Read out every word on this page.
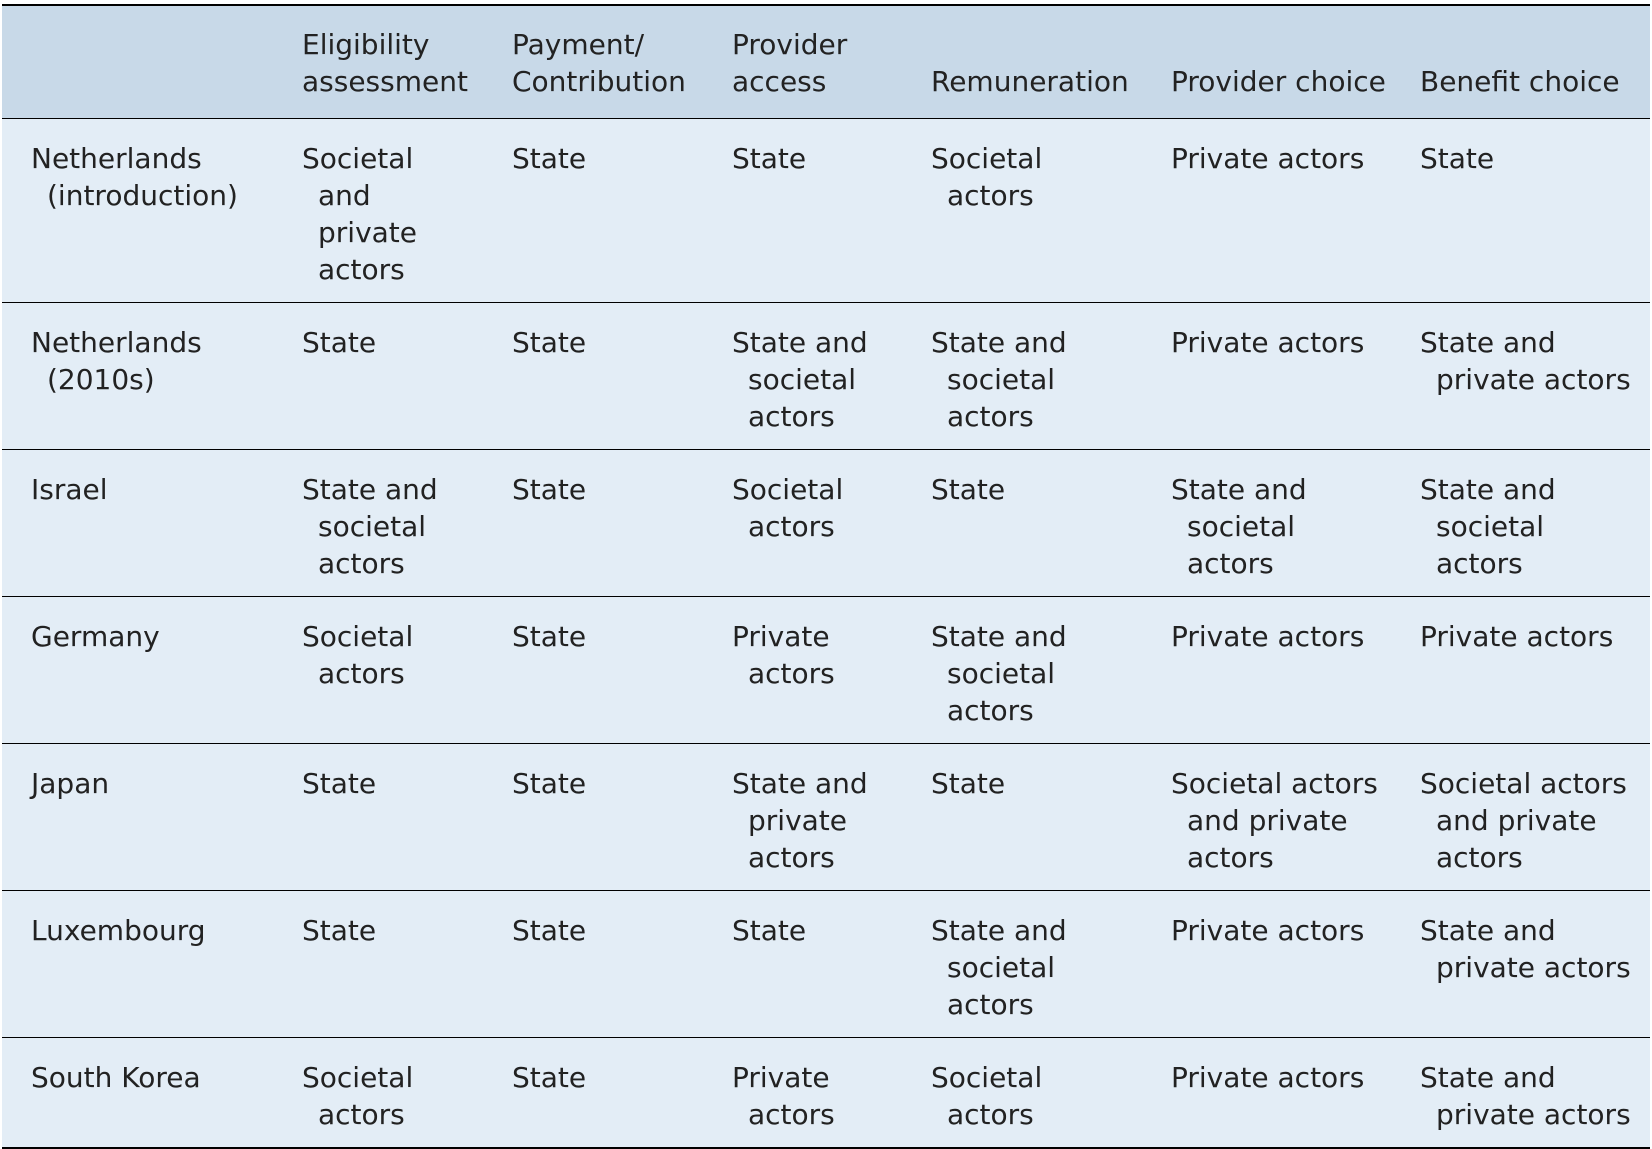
	Eligibility assessment	Payment/ Contribution	Provider access	Remuneration	Provider choice	Benefit choice

Netherlands (introduction)	Societal and private actors	State	State	Societal actors	Private actors	State

Netherlands (2010s)	State	State	State and societal actors	State and societal actors	Private actors	State and private actors

Israel	State and societal actors	State	Societal actors	State	State and societal actors	State and societal actors

Germany	Societal actors	State	Private actors	State and societal actors	Private actors	Private actors

Japan	State	State	State and private actors	State	Societal actors and private actors	Societal actors and private actors

Luxembourg	State	State	State	State and societal actors	Private actors	State and private actors

South Korea	Societal actors	State	Private actors	Societal actors	Private actors	State and private actors
